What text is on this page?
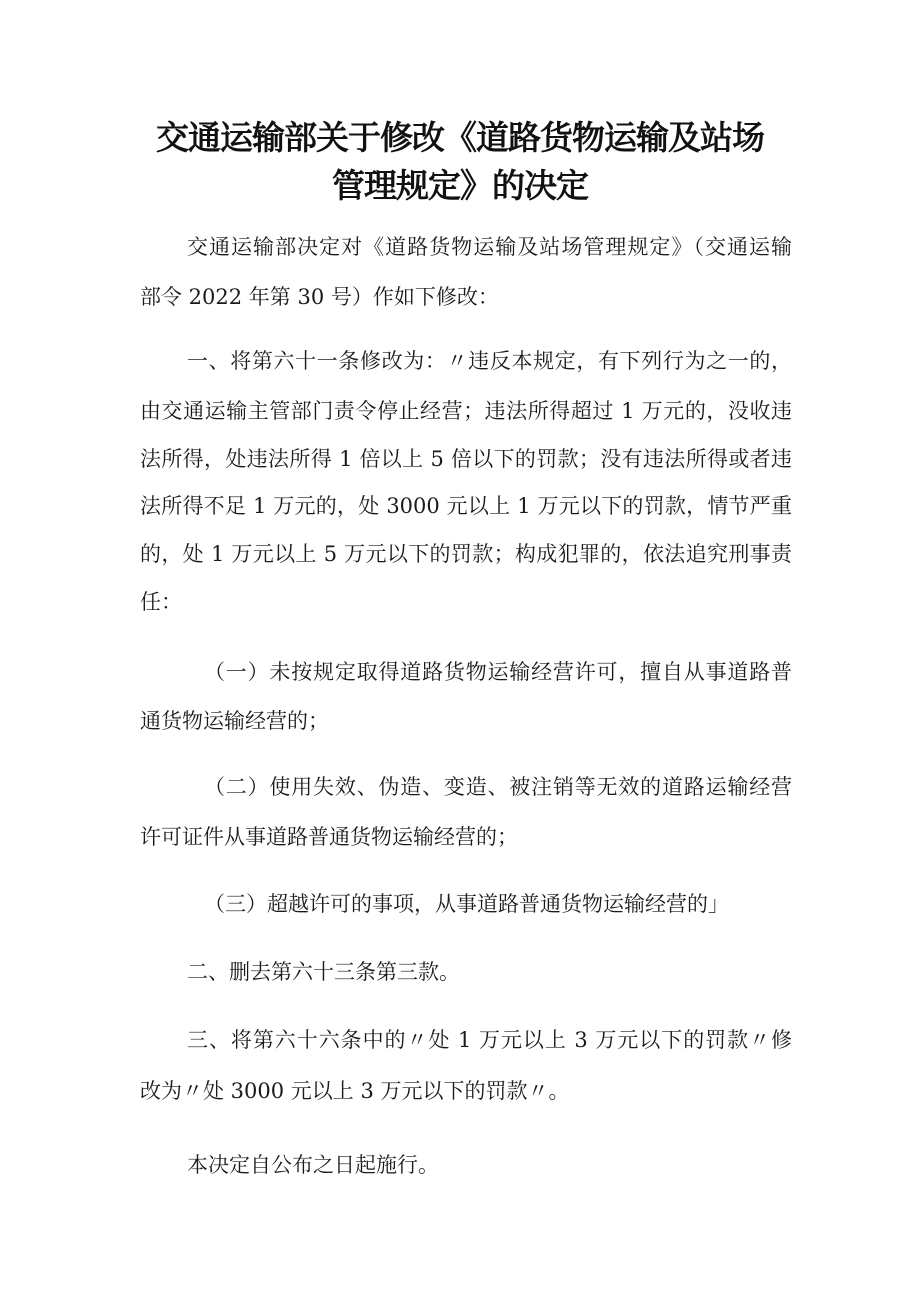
交通运输部关于修改《道路货物运输及站场
管理规定》的决定
交通运输部决定对《道路货物运输及站场管理规定》（交通运输
部令 2022 年第 30 号）作如下修改：
一、将第六十一条修改为：〃违反本规定，有下列行为之一的，
由交通运输主管部门责令停止经营；违法所得超过 1 万元的，没收违
法所得，处违法所得 1 倍以上 5 倍以下的罚款；没有违法所得或者违
法所得不足 1 万元的，处 3000 元以上 1 万元以下的罚款，情节严重
的，处 1 万元以上 5 万元以下的罚款；构成犯罪的，依法追究刑事责
任：
（一）未按规定取得道路货物运输经营许可，擅自从事道路普
通货物运输经营的；
（二）使用失效、伪造、变造、被注销等无效的道路运输经营
许可证件从事道路普通货物运输经营的；
（三）超越许可的事项，从事道路普通货物运输经营的」
二、删去第六十三条第三款。
三、将第六十六条中的〃处 1 万元以上 3 万元以下的罚款〃修
改为〃处 3000 元以上 3 万元以下的罚款〃。
本决定自公布之日起施行。
